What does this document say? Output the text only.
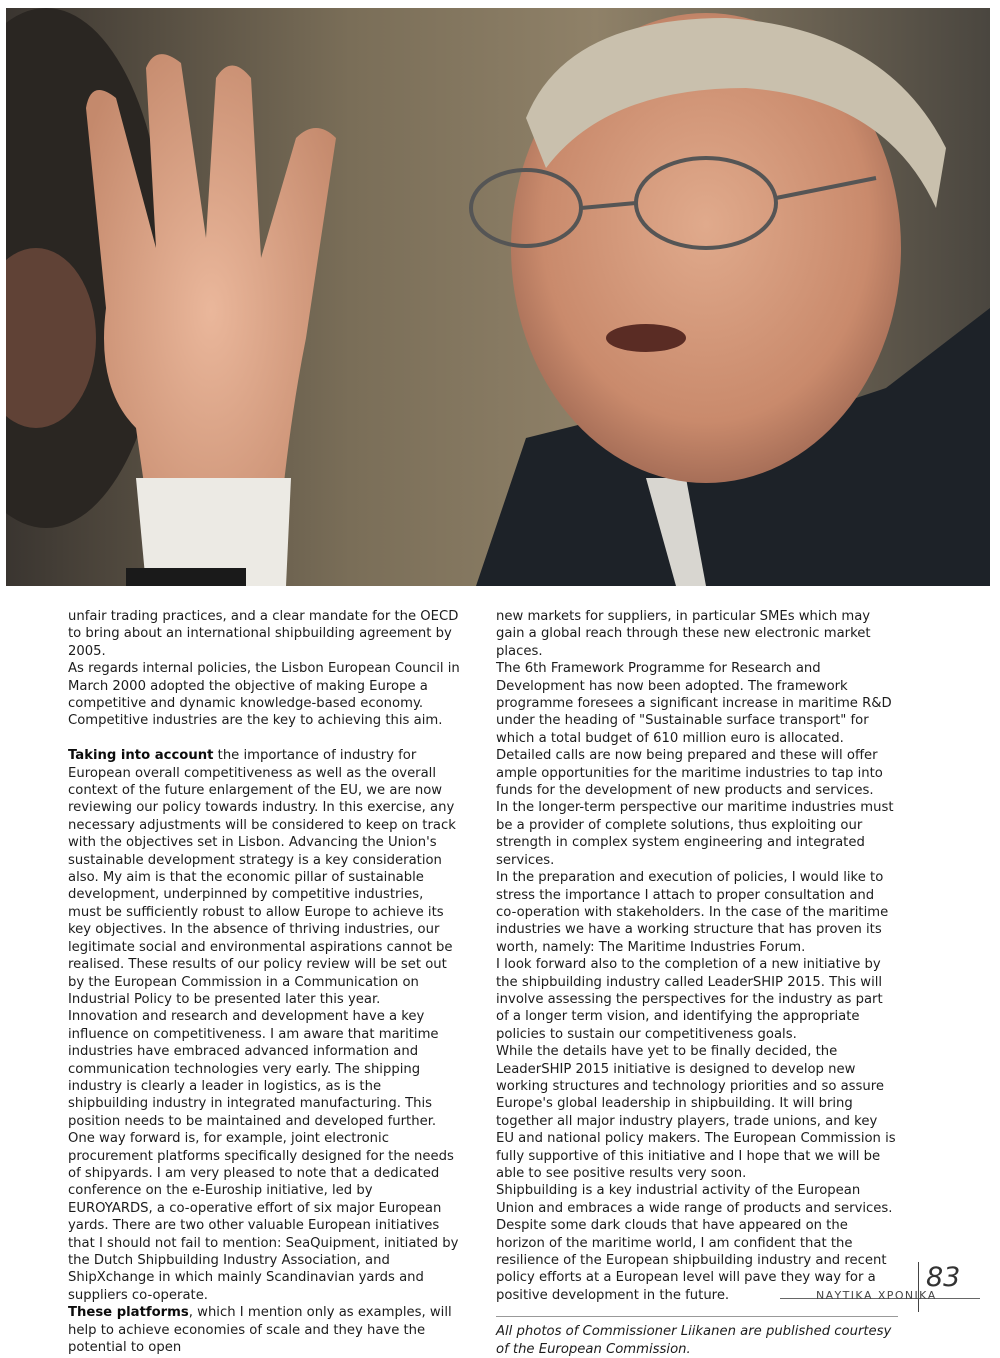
unfair trading practices, and a clear mandate for the OECD to bring about an international shipbuilding agreement by 2005.

As regards internal policies, the Lisbon European Council in March 2000 adopted the objective of making Europe a competitive and dynamic knowledge-based economy. Competitive industries are the key to achieving this aim.

Taking into account the importance of industry for European overall competitiveness as well as the overall context of the future enlargement of the EU, we are now reviewing our policy towards industry. In this exercise, any necessary adjustments will be considered to keep on track with the objectives set in Lisbon. Advancing the Union's sustainable development strategy is a key consideration also. My aim is that the economic pillar of sustainable development, underpinned by competitive industries, must be sufficiently robust to allow Europe to achieve its key objectives. In the absence of thriving industries, our legitimate social and environmental aspirations cannot be realised. These results of our policy review will be set out by the European Commission in a Communication on Industrial Policy to be presented later this year.

Innovation and research and development have a key influence on competitiveness. I am aware that maritime industries have embraced advanced information and communication technologies very early. The shipping industry is clearly a leader in logistics, as is the shipbuilding industry in integrated manufacturing. This position needs to be maintained and developed further.

One way forward is, for example, joint electronic procurement platforms specifically designed for the needs of shipyards. I am very pleased to note that a dedicated conference on the e-Euroship initiative, led by EUROYARDS, a co-operative effort of six major European yards. There are two other valuable European initiatives that I should not fail to mention: SeaQuipment, initiated by the Dutch Shipbuilding Industry Association, and ShipXchange in which mainly Scandinavian yards and suppliers co-operate.

These platforms, which I mention only as examples, will help to achieve economies of scale and they have the potential to open

new markets for suppliers, in particular SMEs which may gain a global reach through these new electronic market places.

The 6th Framework Programme for Research and Development has now been adopted. The framework programme foresees a significant increase in maritime R&D under the heading of "Sustainable surface transport" for which a total budget of 610 million euro is allocated. Detailed calls are now being prepared and these will offer ample opportunities for the maritime industries to tap into funds for the development of new products and services.

In the longer-term perspective our maritime industries must be a provider of complete solutions, thus exploiting our strength in complex system engineering and integrated services.

In the preparation and execution of policies, I would like to stress the importance I attach to proper consultation and co-operation with stakeholders. In the case of the maritime industries we have a working structure that has proven its worth, namely: The Maritime Industries Forum.

I look forward also to the completion of a new initiative by the shipbuilding industry called LeaderSHIP 2015. This will involve assessing the perspectives for the industry as part of a longer term vision, and identifying the appropriate policies to sustain our competitiveness goals.

While the details have yet to be finally decided, the LeaderSHIP 2015 initiative is designed to develop new working structures and technology priorities and so assure Europe's global leadership in shipbuilding. It will bring together all major industry players, trade unions, and key EU and national policy makers. The European Commission is fully supportive of this initiative and I hope that we will be able to see positive results very soon.

Shipbuilding is a key industrial activity of the European Union and embraces a wide range of products and services. Despite some dark clouds that have appeared on the horizon of the maritime world, I am confident that the resilience of the European shipbuilding industry and recent policy efforts at a European level will pave they way for a positive development in the future.

All photos of Commissioner Liikanen are published courtesy of the European Commission.

ΝΑΥΤΙΚΑ ΧΡΟΝΙΚΑ
83
